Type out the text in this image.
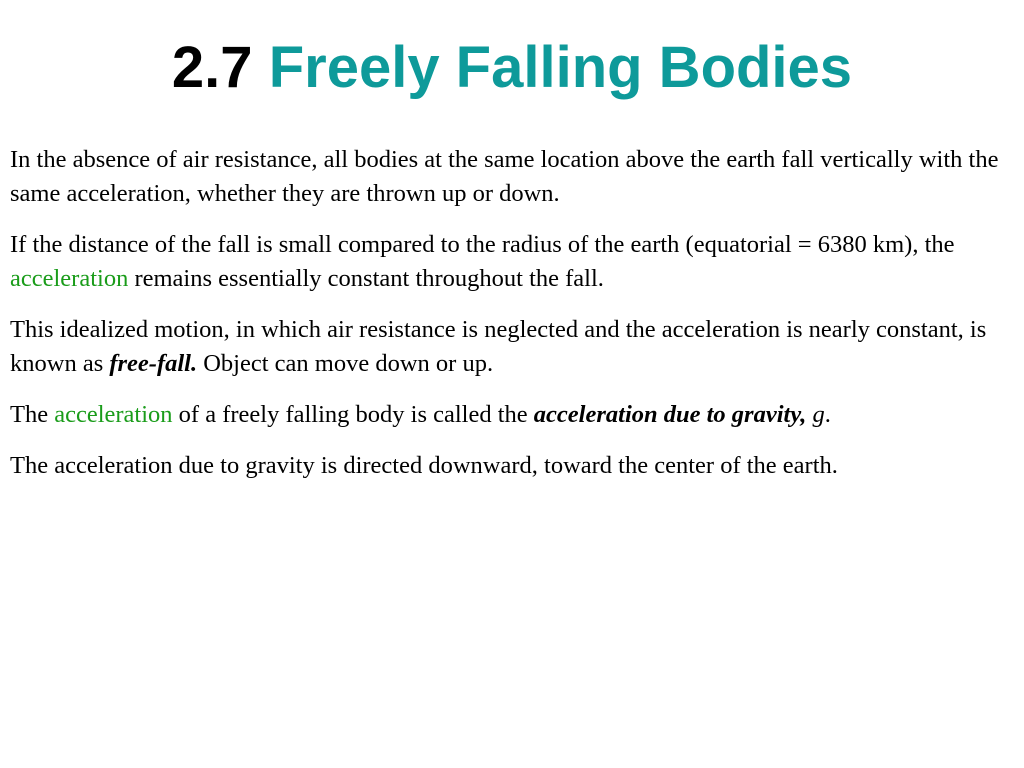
2.7 Freely Falling Bodies

In the absence of air resistance, all bodies at the same location above the earth fall vertically with the same acceleration, whether they are thrown up or down.

If the distance of the fall is small compared to the radius of the earth (equatorial = 6380 km), the acceleration remains essentially constant throughout the fall.

This idealized motion, in which air resistance is neglected and the acceleration is nearly constant, is known as free-fall. Object can move down or up.

The acceleration of a freely falling body is called the acceleration due to gravity, g.

The acceleration due to gravity is directed downward, toward the center of the earth.
